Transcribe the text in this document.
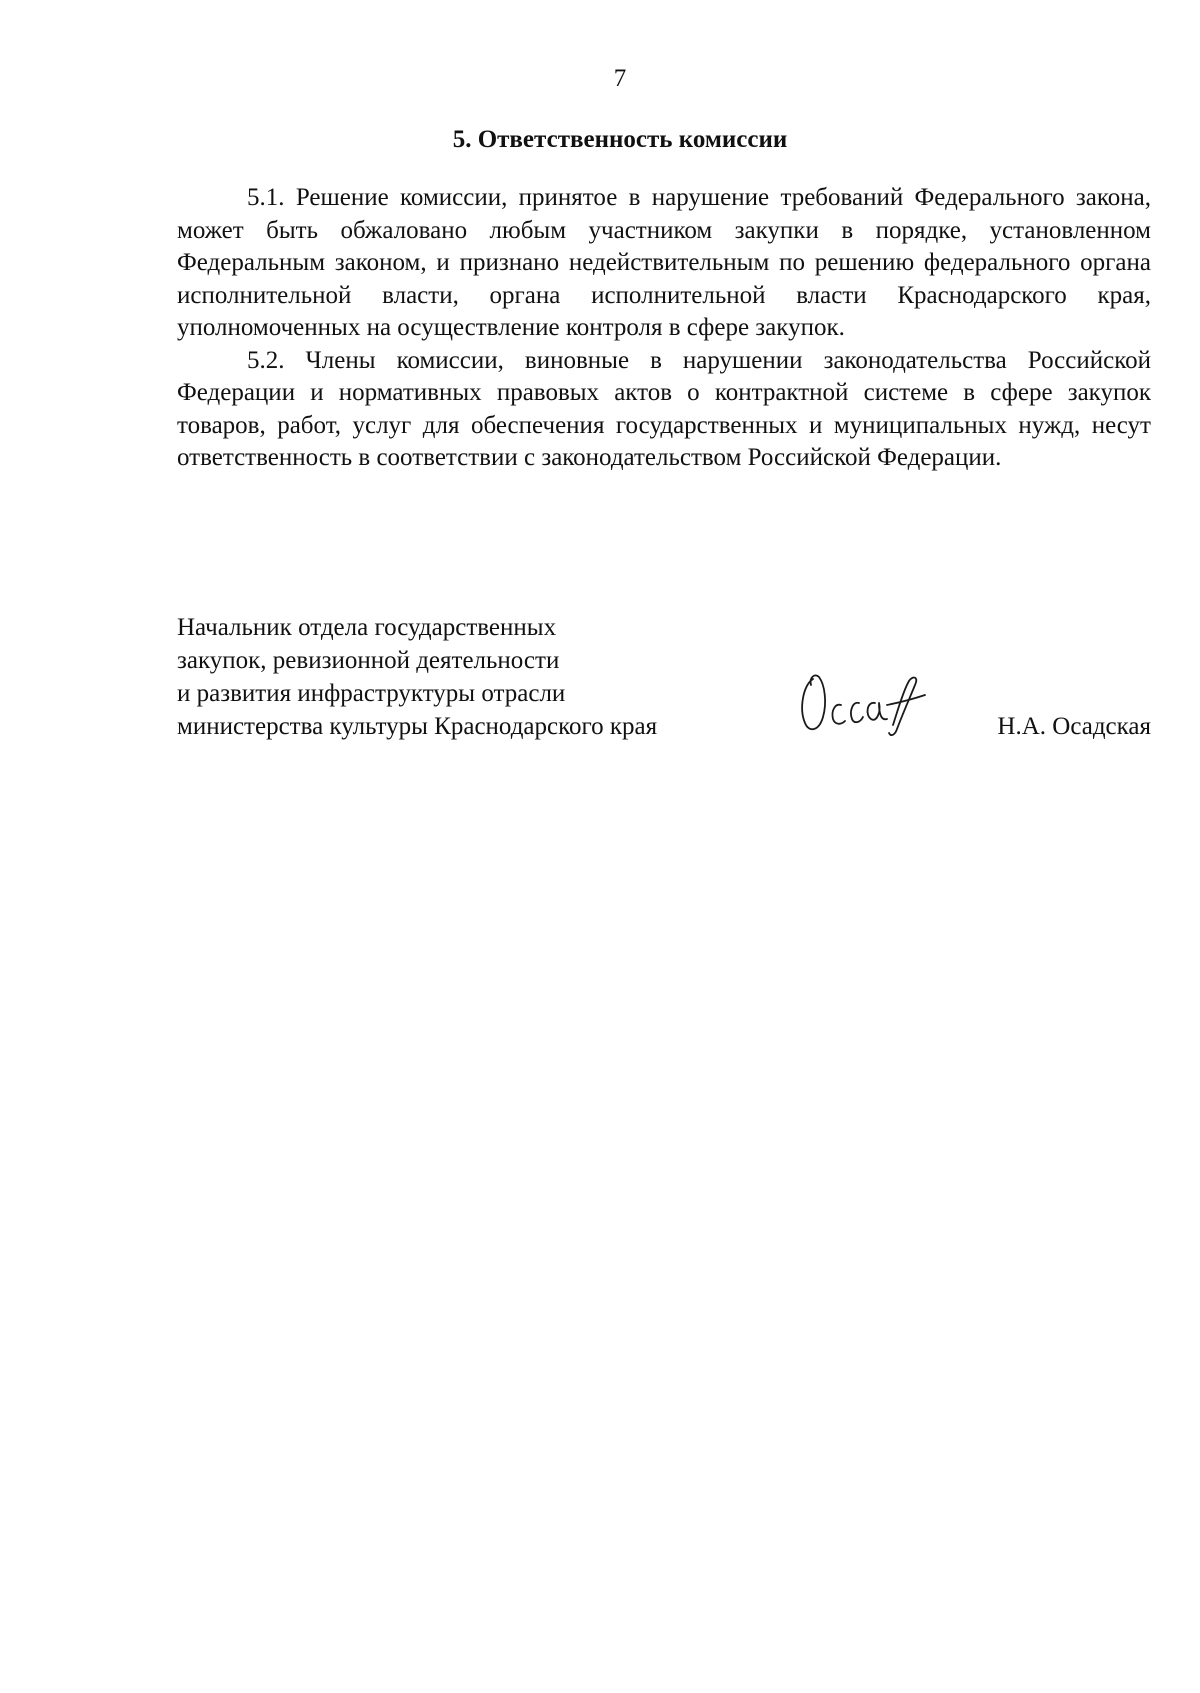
7
5. Ответственность комиссии

5.1. Решение комиссии, принятое в нарушение требований Федерального закона, может быть обжаловано любым участником закупки в порядке, установленном Федеральным законом, и признано недействительным по решению федерального органа исполнительной власти, органа исполнительной власти Краснодарского края, уполномоченных на осуществление контроля в сфере закупок.

5.2. Члены комиссии, виновные в нарушении законодательства Российской Федерации и нормативных правовых актов о контрактной системе в сфере закупок товаров, работ, услуг для обеспечения государственных и муниципальных нужд, несут ответственность в соответствии с законодательством Российской Федерации.

Начальник отдела государственных
закупок, ревизионной деятельности
и развития инфраструктуры отрасли
министерства культуры Краснодарского края	Н.А. Осадская
